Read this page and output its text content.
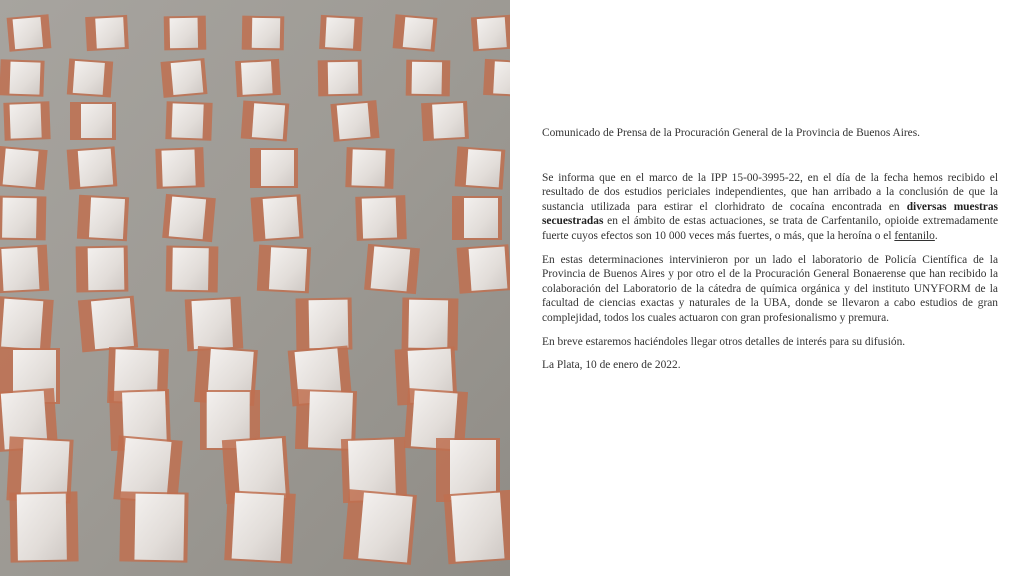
Comunicado de Prensa de la Procuración General de la Provincia de Buenos Aires.

Se informa que en el marco de la IPP 15-00-3995-22, en el día de la fecha hemos recibido el resultado de dos estudios periciales independientes, que han arribado a la conclusión de que la sustancia utilizada para estirar el clorhidrato de cocaína encontrada en diversas muestras secuestradas en el ámbito de estas actuaciones, se trata de Carfentanilo, opioide extremadamente fuerte cuyos efectos son 10 000 veces más fuertes, o más, que la heroína o el fentanilo.

En estas determinaciones intervinieron por un lado el laboratorio de Policía Científica de la Provincia de Buenos Aires y por otro el de la Procuración General Bonaerense que han recibido la colaboración del Laboratorio de la cátedra de química orgánica y del instituto UNYFORM de la facultad de ciencias exactas y naturales de la UBA, donde se llevaron a cabo estudios de gran complejidad, todos los cuales actuaron con gran profesionalismo y premura.

En breve estaremos haciéndoles llegar otros detalles de interés para su difusión.

La Plata, 10 de enero de 2022.
